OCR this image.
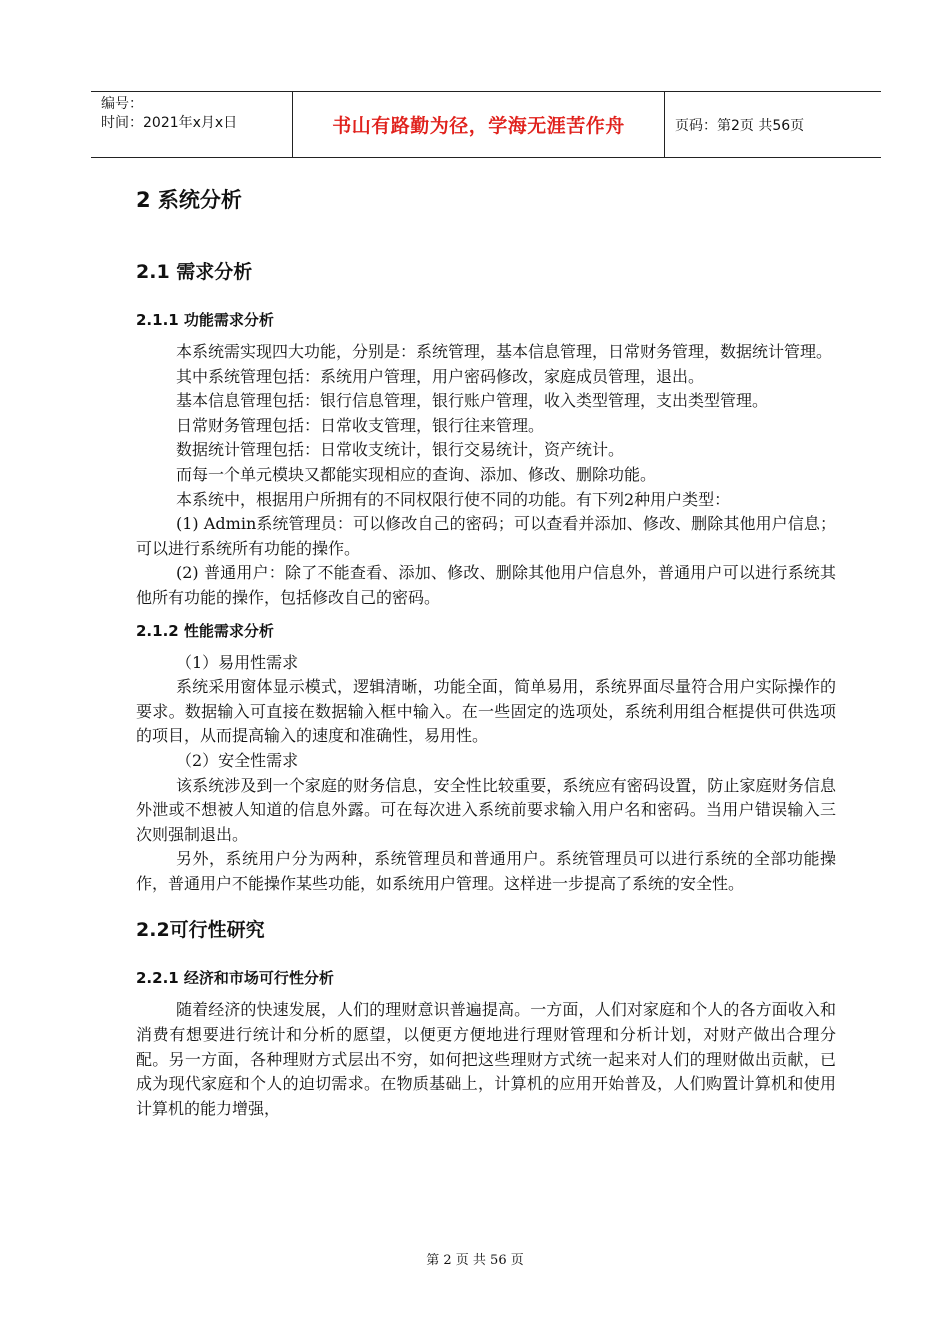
编号：
时间：2021年x月x日	书山有路勤为径，学海无涯苦作舟	页码：第2页 共56页
2 系统分析
2.1 需求分析
2.1.1 功能需求分析

本系统需实现四大功能，分别是：系统管理，基本信息管理，日常财务管理，数据统计管理。

其中系统管理包括：系统用户管理，用户密码修改，家庭成员管理，退出。

基本信息管理包括：银行信息管理，银行账户管理，收入类型管理，支出类型管理。

日常财务管理包括：日常收支管理，银行往来管理。

数据统计管理包括：日常收支统计，银行交易统计，资产统计。

而每一个单元模块又都能实现相应的查询、添加、修改、删除功能。

本系统中，根据用户所拥有的不同权限行使不同的功能。有下列2种用户类型：

(1) Admin系统管理员：可以修改自己的密码；可以查看并添加、修改、删除其他用户信息；可以进行系统所有功能的操作。

(2) 普通用户：除了不能查看、添加、修改、删除其他用户信息外，普通用户可以进行系统其他所有功能的操作，包括修改自己的密码。

2.1.2 性能需求分析

（1）易用性需求

系统采用窗体显示模式，逻辑清晰，功能全面，简单易用，系统界面尽量符合用户实际操作的要求。数据输入可直接在数据输入框中输入。在一些固定的选项处，系统利用组合框提供可供选项的项目，从而提高输入的速度和准确性，易用性。

（2）安全性需求

该系统涉及到一个家庭的财务信息，安全性比较重要，系统应有密码设置，防止家庭财务信息外泄或不想被人知道的信息外露。可在每次进入系统前要求输入用户名和密码。当用户错误输入三次则强制退出。

另外，系统用户分为两种，系统管理员和普通用户。系统管理员可以进行系统的全部功能操作，普通用户不能操作某些功能，如系统用户管理。这样进一步提高了系统的安全性。

2.2可行性研究
2.2.1 经济和市场可行性分析

随着经济的快速发展，人们的理财意识普遍提高。一方面，人们对家庭和个人的各方面收入和消费有想要进行统计和分析的愿望，以便更方便地进行理财管理和分析计划，对财产做出合理分配。另一方面，各种理财方式层出不穷，如何把这些理财方式统一起来对人们的理财做出贡献，已成为现代家庭和个人的迫切需求。在物质基础上，计算机的应用开始普及，人们购置计算机和使用计算机的能力增强，

第 2 页 共 56 页
